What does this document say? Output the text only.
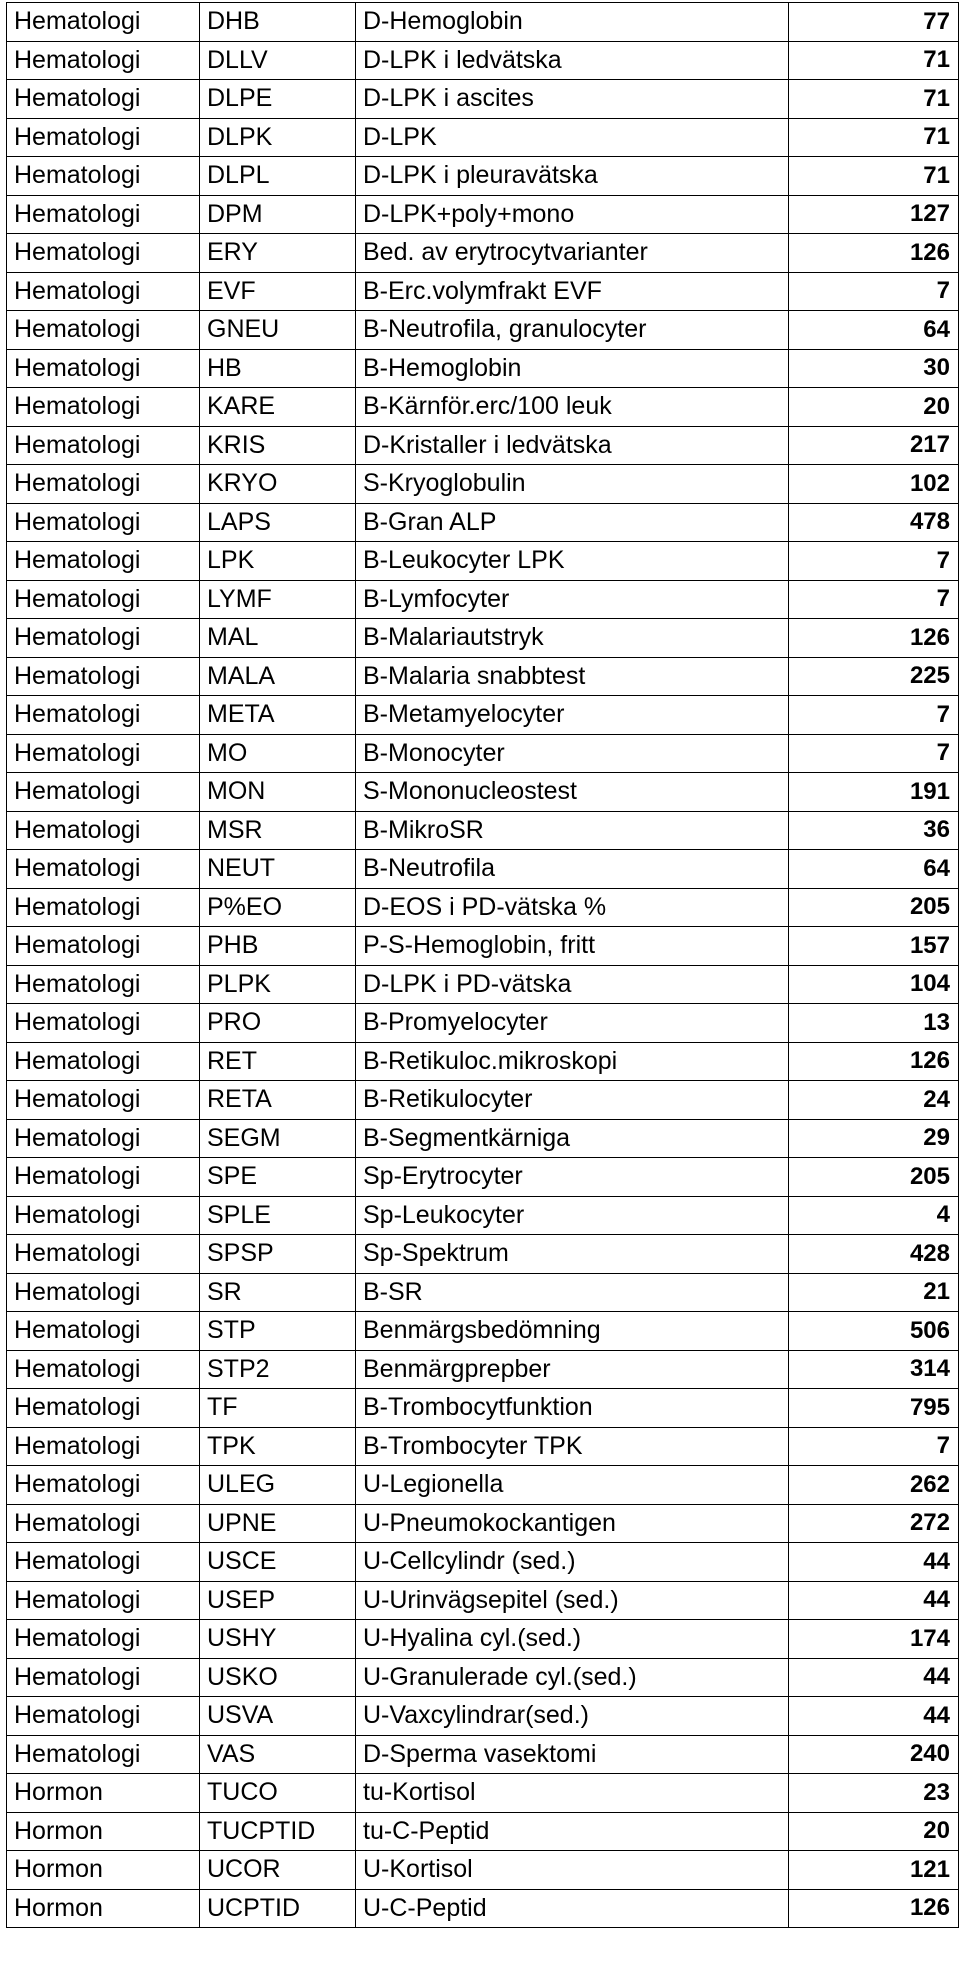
Hematologi	DHB	D-Hemoglobin	77
Hematologi	DLLV	D-LPK i ledvätska	71
Hematologi	DLPE	D-LPK i ascites	71
Hematologi	DLPK	D-LPK	71
Hematologi	DLPL	D-LPK i pleuravätska	71
Hematologi	DPM	D-LPK+poly+mono	127
Hematologi	ERY	Bed. av erytrocytvarianter	126
Hematologi	EVF	B-Erc.volymfrakt EVF	7
Hematologi	GNEU	B-Neutrofila, granulocyter	64
Hematologi	HB	B-Hemoglobin	30
Hematologi	KARE	B-Kärnför.erc/100 leuk	20
Hematologi	KRIS	D-Kristaller i ledvätska	217
Hematologi	KRYO	S-Kryoglobulin	102
Hematologi	LAPS	B-Gran ALP	478
Hematologi	LPK	B-Leukocyter LPK	7
Hematologi	LYMF	B-Lymfocyter	7
Hematologi	MAL	B-Malariautstryk	126
Hematologi	MALA	B-Malaria snabbtest	225
Hematologi	META	B-Metamyelocyter	7
Hematologi	MO	B-Monocyter	7
Hematologi	MON	S-Mononucleostest	191
Hematologi	MSR	B-MikroSR	36
Hematologi	NEUT	B-Neutrofila	64
Hematologi	P%EO	D-EOS i PD-vätska %	205
Hematologi	PHB	P-S-Hemoglobin, fritt	157
Hematologi	PLPK	D-LPK i PD-vätska	104
Hematologi	PRO	B-Promyelocyter	13
Hematologi	RET	B-Retikuloc.mikroskopi	126
Hematologi	RETA	B-Retikulocyter	24
Hematologi	SEGM	B-Segmentkärniga	29
Hematologi	SPE	Sp-Erytrocyter	205
Hematologi	SPLE	Sp-Leukocyter	4
Hematologi	SPSP	Sp-Spektrum	428
Hematologi	SR	B-SR	21
Hematologi	STP	Benmärgsbedömning	506
Hematologi	STP2	Benmärgprepber	314
Hematologi	TF	B-Trombocytfunktion	795
Hematologi	TPK	B-Trombocyter TPK	7
Hematologi	ULEG	U-Legionella	262
Hematologi	UPNE	U-Pneumokockantigen	272
Hematologi	USCE	U-Cellcylindr (sed.)	44
Hematologi	USEP	U-Urinvägsepitel (sed.)	44
Hematologi	USHY	U-Hyalina cyl.(sed.)	174
Hematologi	USKO	U-Granulerade cyl.(sed.)	44
Hematologi	USVA	U-Vaxcylindrar(sed.)	44
Hematologi	VAS	D-Sperma vasektomi	240
Hormon	TUCO	tu-Kortisol	23
Hormon	TUCPTID	tu-C-Peptid	20
Hormon	UCOR	U-Kortisol	121
Hormon	UCPTID	U-C-Peptid	126
